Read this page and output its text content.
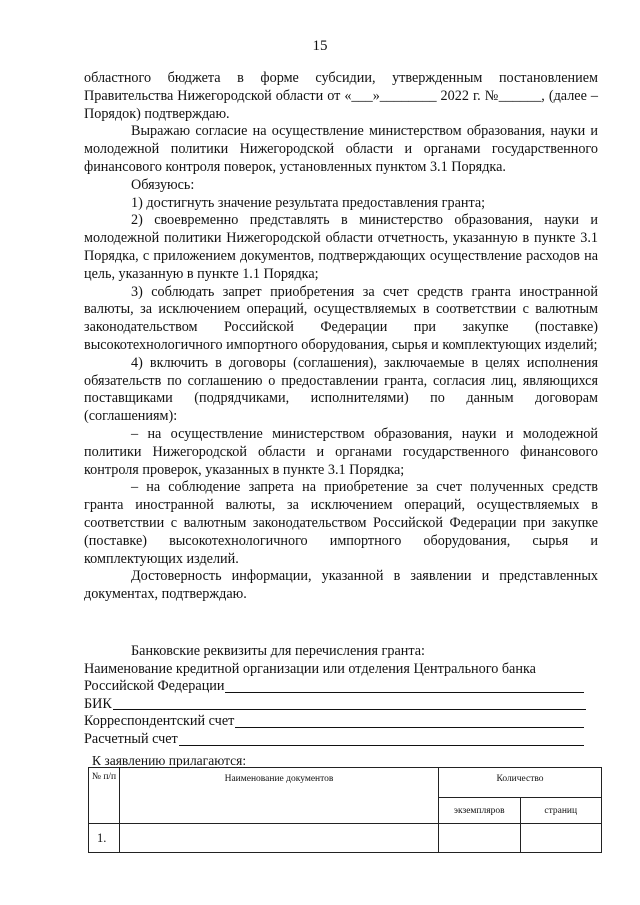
15

областного бюджета в форме субсидии, утвержденным постановлением Правительства Нижегородской области от «___»________ 2022 г. №______, (далее – Порядок) подтверждаю.

Выражаю согласие на осуществление министерством образования, науки и молодежной политики Нижегородской области и органами государственного финансового контроля поверок, установленных пунктом 3.1 Порядка.

Обязуюсь:

1) достигнуть значение результата предоставления гранта;

2) своевременно представлять в министерство образования, науки и молодежной политики Нижегородской области отчетность, указанную в пункте 3.1 Порядка, с приложением документов, подтверждающих осуществление расходов на цель, указанную в пункте 1.1 Порядка;

3) соблюдать запрет приобретения за счет средств гранта иностранной валюты, за исключением операций, осуществляемых в соответствии с валютным законодательством Российской Федерации при закупке (поставке) высокотехнологичного импортного оборудования, сырья и комплектующих изделий;

4) включить в договоры (соглашения), заключаемые в целях исполнения обязательств по соглашению о предоставлении гранта, согласия лиц, являющихся поставщиками (подрядчиками, исполнителями) по данным договорам (соглашениям):

– на осуществление министерством образования, науки и молодежной политики Нижегородской области и органами государственного финансового контроля проверок, указанных в пункте 3.1 Порядка;

– на соблюдение запрета на приобретение за счет полученных средств гранта иностранной валюты, за исключением операций, осуществляемых в соответствии с валютным законодательством Российской Федерации при закупке (поставке) высокотехнологичного импортного оборудования, сырья и комплектующих изделий.

Достоверность информации, указанной в заявлении и представленных документах, подтверждаю.

Банковские реквизиты для перечисления гранта:

Наименование кредитной организации или отделения Центрального банка

Российской Федерации
БИК
Корреспондентский счет
Расчетный счет
К заявлению прилагаются:
№ п/п	Наименование документов	Количество	
		экземпляров	страниц
1.			
